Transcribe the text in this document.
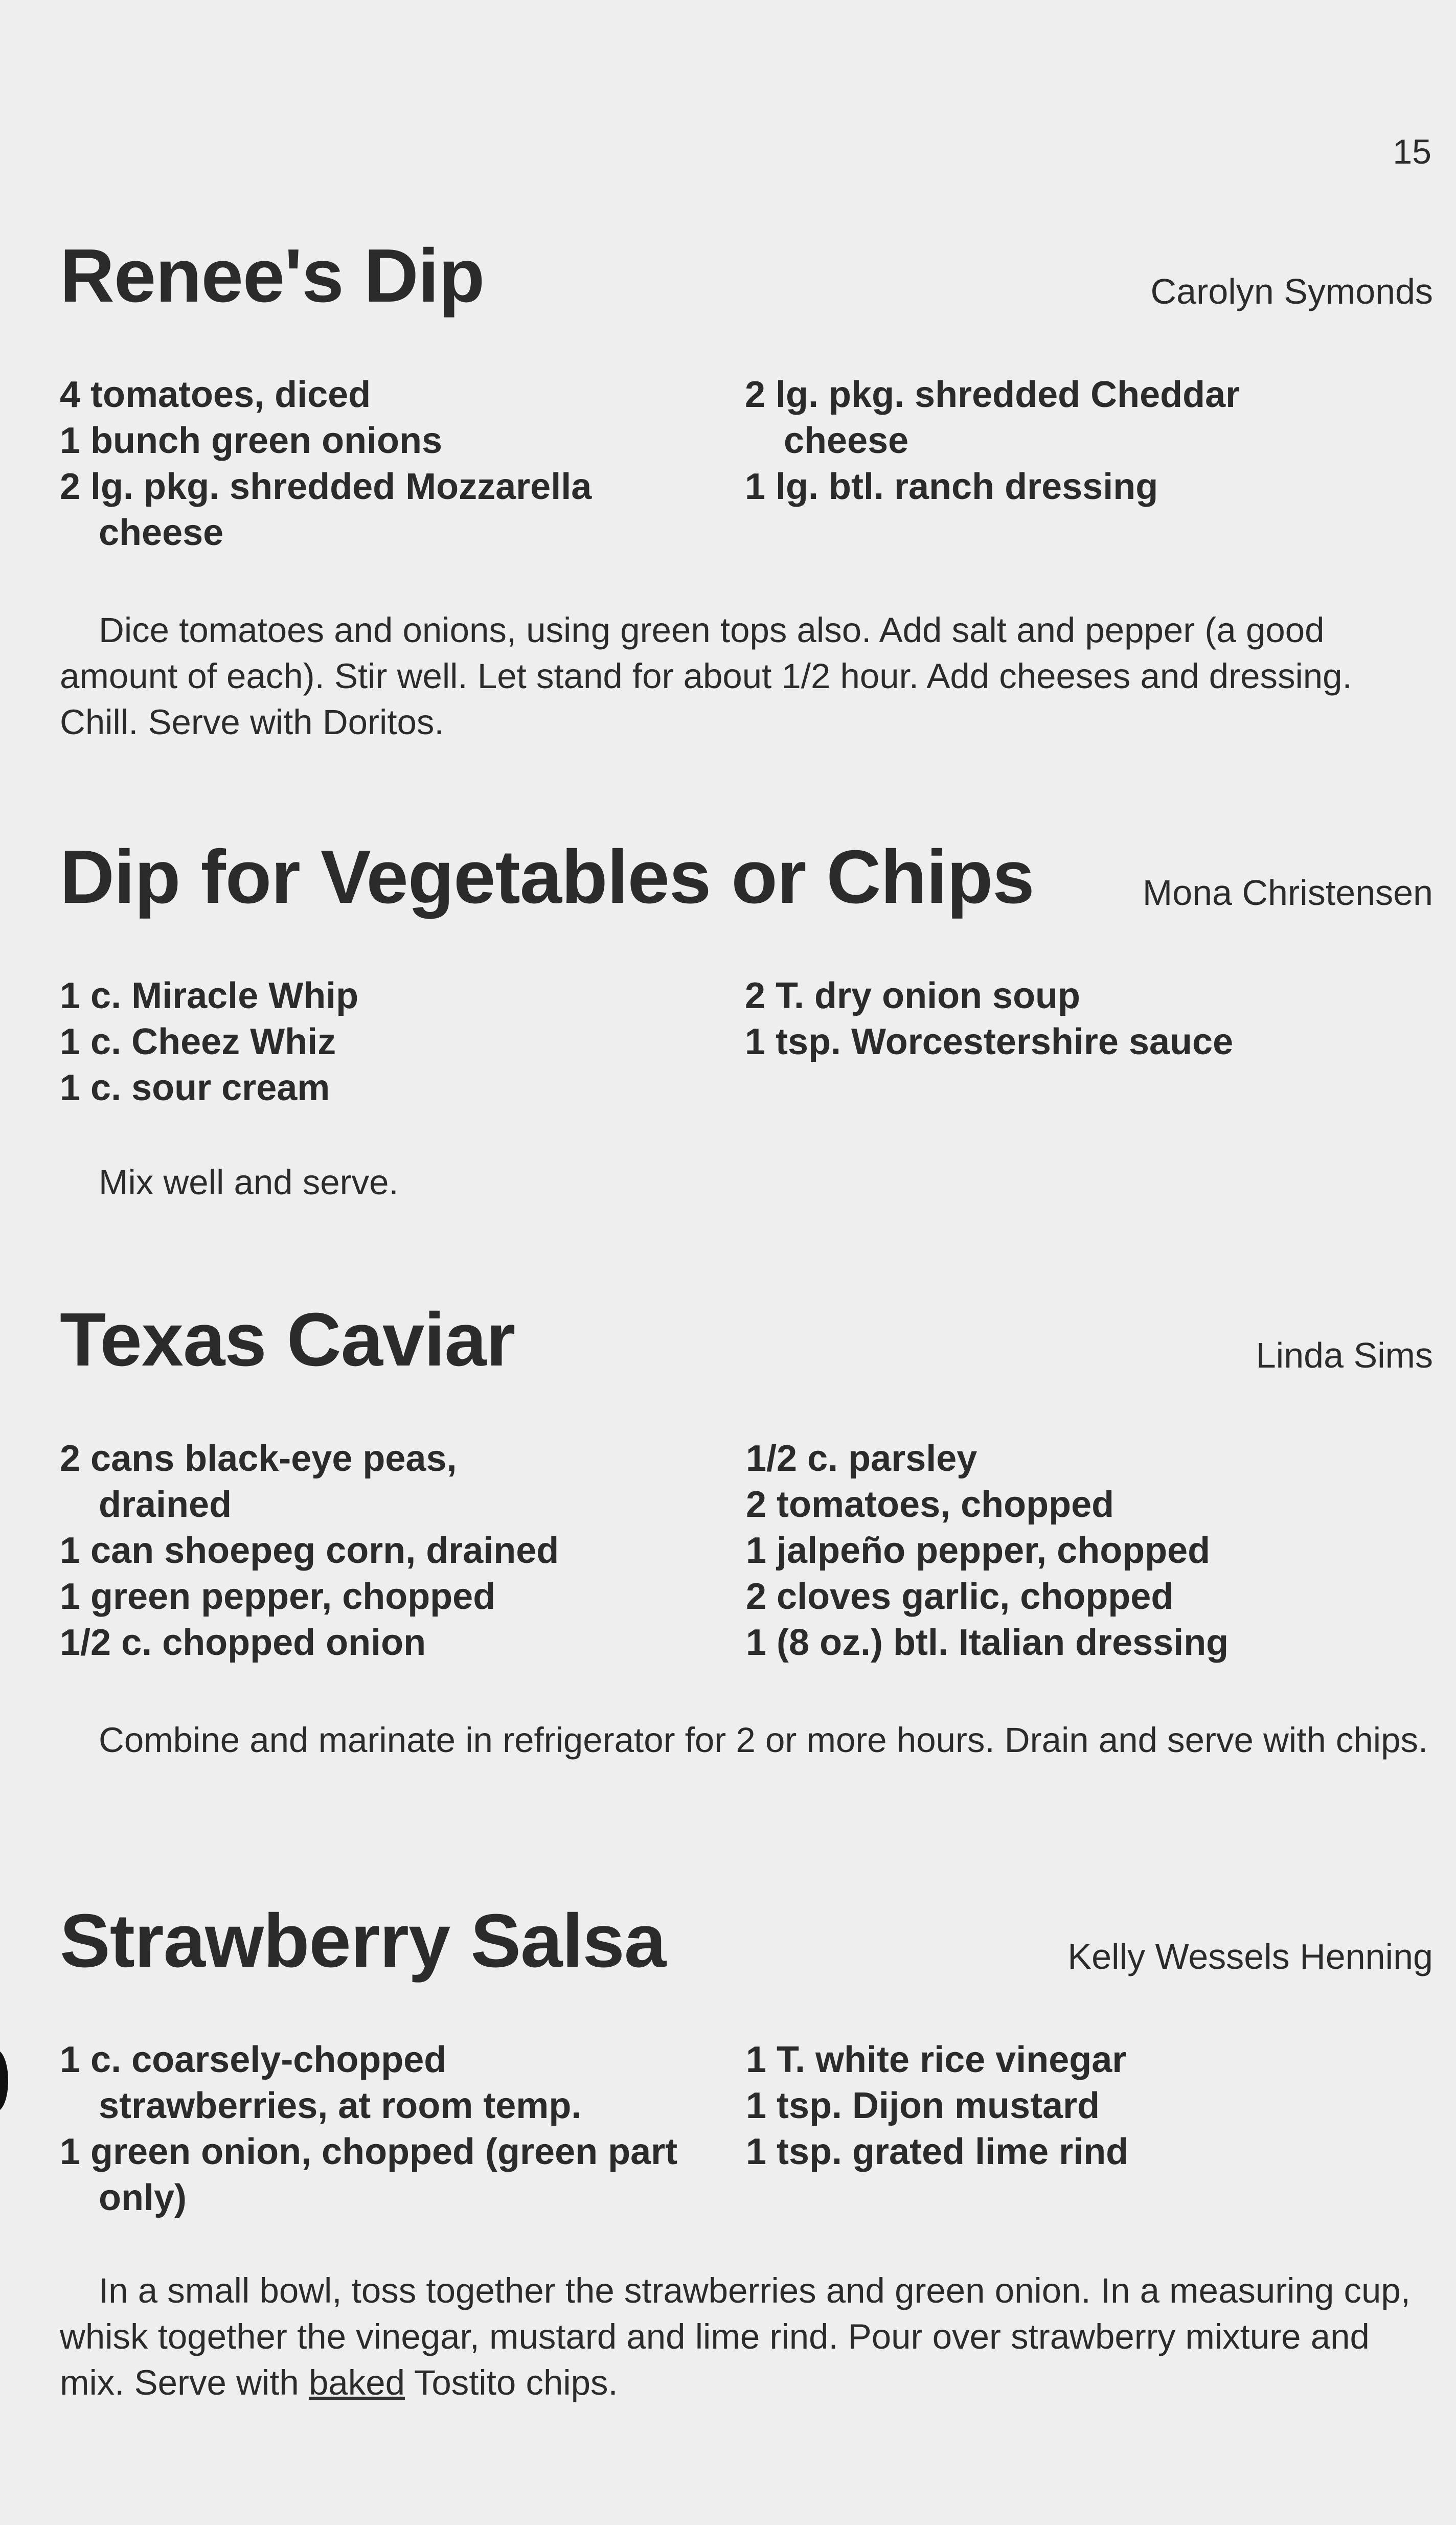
15
Renee's Dip	Carolyn Symonds
4 tomatoes, diced
1 bunch green onions
2 lg. pkg. shredded Mozzarella cheese
2 lg. pkg. shredded Cheddar cheese
1 lg. btl. ranch dressing

Dice tomatoes and onions, using green tops also. Add salt and pepper (a good amount of each). Stir well. Let stand for about 1/2 hour. Add cheeses and dressing. Chill. Serve with Doritos.

Dip for Vegetables or Chips	Mona Christensen
1 c. Miracle Whip
1 c. Cheez Whiz
1 c. sour cream
2 T. dry onion soup
1 tsp. Worcestershire sauce

Mix well and serve.

Texas Caviar	Linda Sims
2 cans black-eye peas, drained
1 can shoepeg corn, drained
1 green pepper, chopped
1/2 c. chopped onion
1/2 c. parsley
2 tomatoes, chopped
1 jalpeño pepper, chopped
2 cloves garlic, chopped
1 (8 oz.) btl. Italian dressing

Combine and marinate in refrigerator for 2 or more hours. Drain and serve with chips.

Strawberry Salsa	Kelly Wessels Henning
1 c. coarsely-chopped strawberries, at room temp.
1 green onion, chopped (green part only)
1 T. white rice vinegar
1 tsp. Dijon mustard
1 tsp. grated lime rind

In a small bowl, toss together the strawberries and green onion. In a measuring cup, whisk together the vinegar, mustard and lime rind. Pour over strawberry mixture and mix. Serve with baked Tostito chips.
